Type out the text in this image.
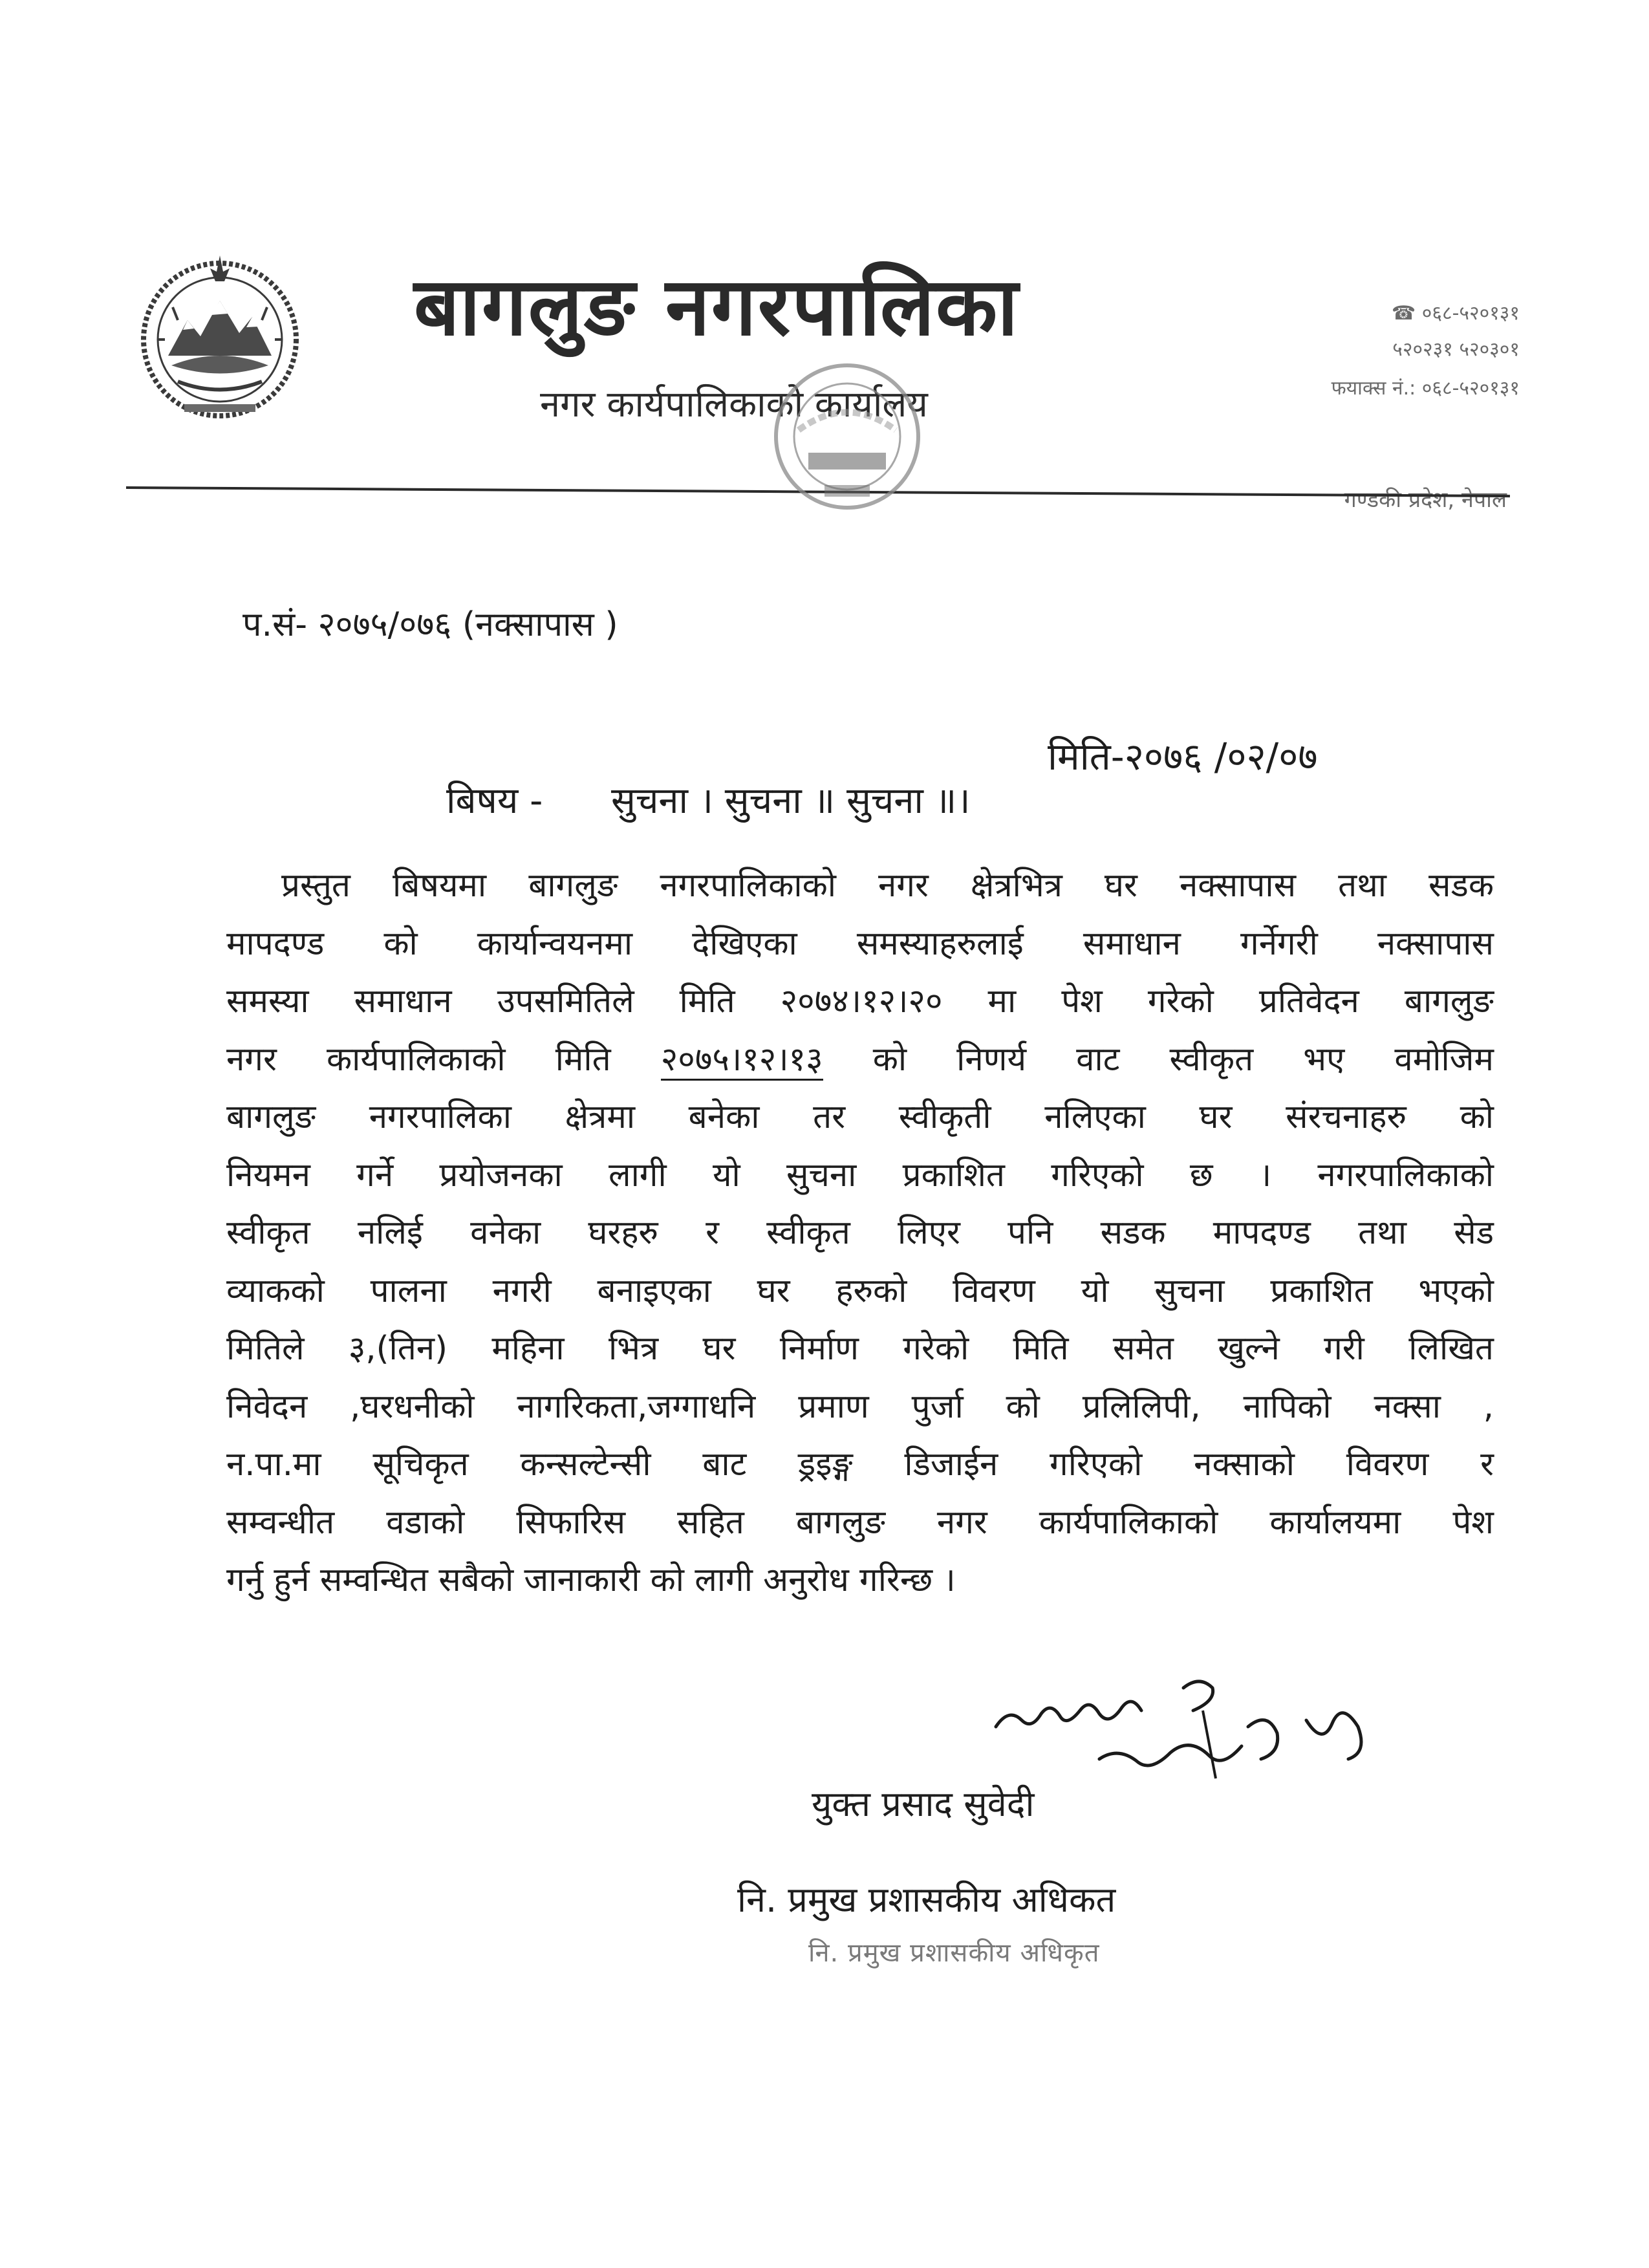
बागलुङ नगरपालिका
नगर कार्यपालिकाको कार्यालय
☎ ०६८-५२०१३१
५२०२३१ ५२०३०१
फयाक्स नं.: ०६८-५२०१३१
गण्डकी प्रदेश, नेपाल
प.सं- २०७५/०७६ (नक्सापास )
मिति-२०७६ /०२/०७
बिषय - सुचना । सुचना ॥ सुचना ॥।
प्रस्तुत बिषयमा बागलुङ नगरपालिकाको नगर क्षेत्रभित्र घर नक्सापास तथा सडक
मापदण्ड को कार्यान्वयनमा देखिएका समस्याहरुलाई समाधान गर्नेगरी नक्सापास
समस्या समाधान उपसमितिले मिति २०७४।१२।२० मा पेश गरेको प्रतिवेदन बागलुङ
नगर कार्यपालिकाको मिति २०७५।१२।१३ को निणर्य वाट स्वीकृत भए वमोजिम
बागलुङ नगरपालिका क्षेत्रमा बनेका तर स्वीकृती नलिएका घर संरचनाहरु को
नियमन गर्ने प्रयोजनका लागी यो सुचना प्रकाशित गरिएको छ । नगरपालिकाको
स्वीकृत नलिई वनेका घरहरु र स्वीकृत लिएर पनि सडक मापदण्ड तथा सेड
व्याकको पालना नगरी बनाइएका घर हरुको विवरण यो सुचना प्रकाशित भएको
मितिले ३,(तिन) महिना भित्र घर निर्माण गरेको मिति समेत खुल्ने गरी लिखित
निवेदन ,घरधनीको नागरिकता,जग्गाधनि प्रमाण पुर्जा को प्रलिलिपी, नापिको नक्सा ,
न.पा.मा सूचिकृत कन्सल्टेन्सी बाट ड्रइङ्ग डिजाईन गरिएको नक्साको विवरण र
सम्वन्धीत वडाको सिफारिस सहित बागलुङ नगर कार्यपालिकाको कार्यालयमा पेश
गर्नु हुर्न सम्वन्धित सबैको जानाकारी को लागी अनुरोध गरिन्छ ।
युक्त प्रसाद सुवेदी
नि. प्रमुख प्रशासकीय अधिकत
नि. प्रमुख प्रशासकीय अधिकृत
